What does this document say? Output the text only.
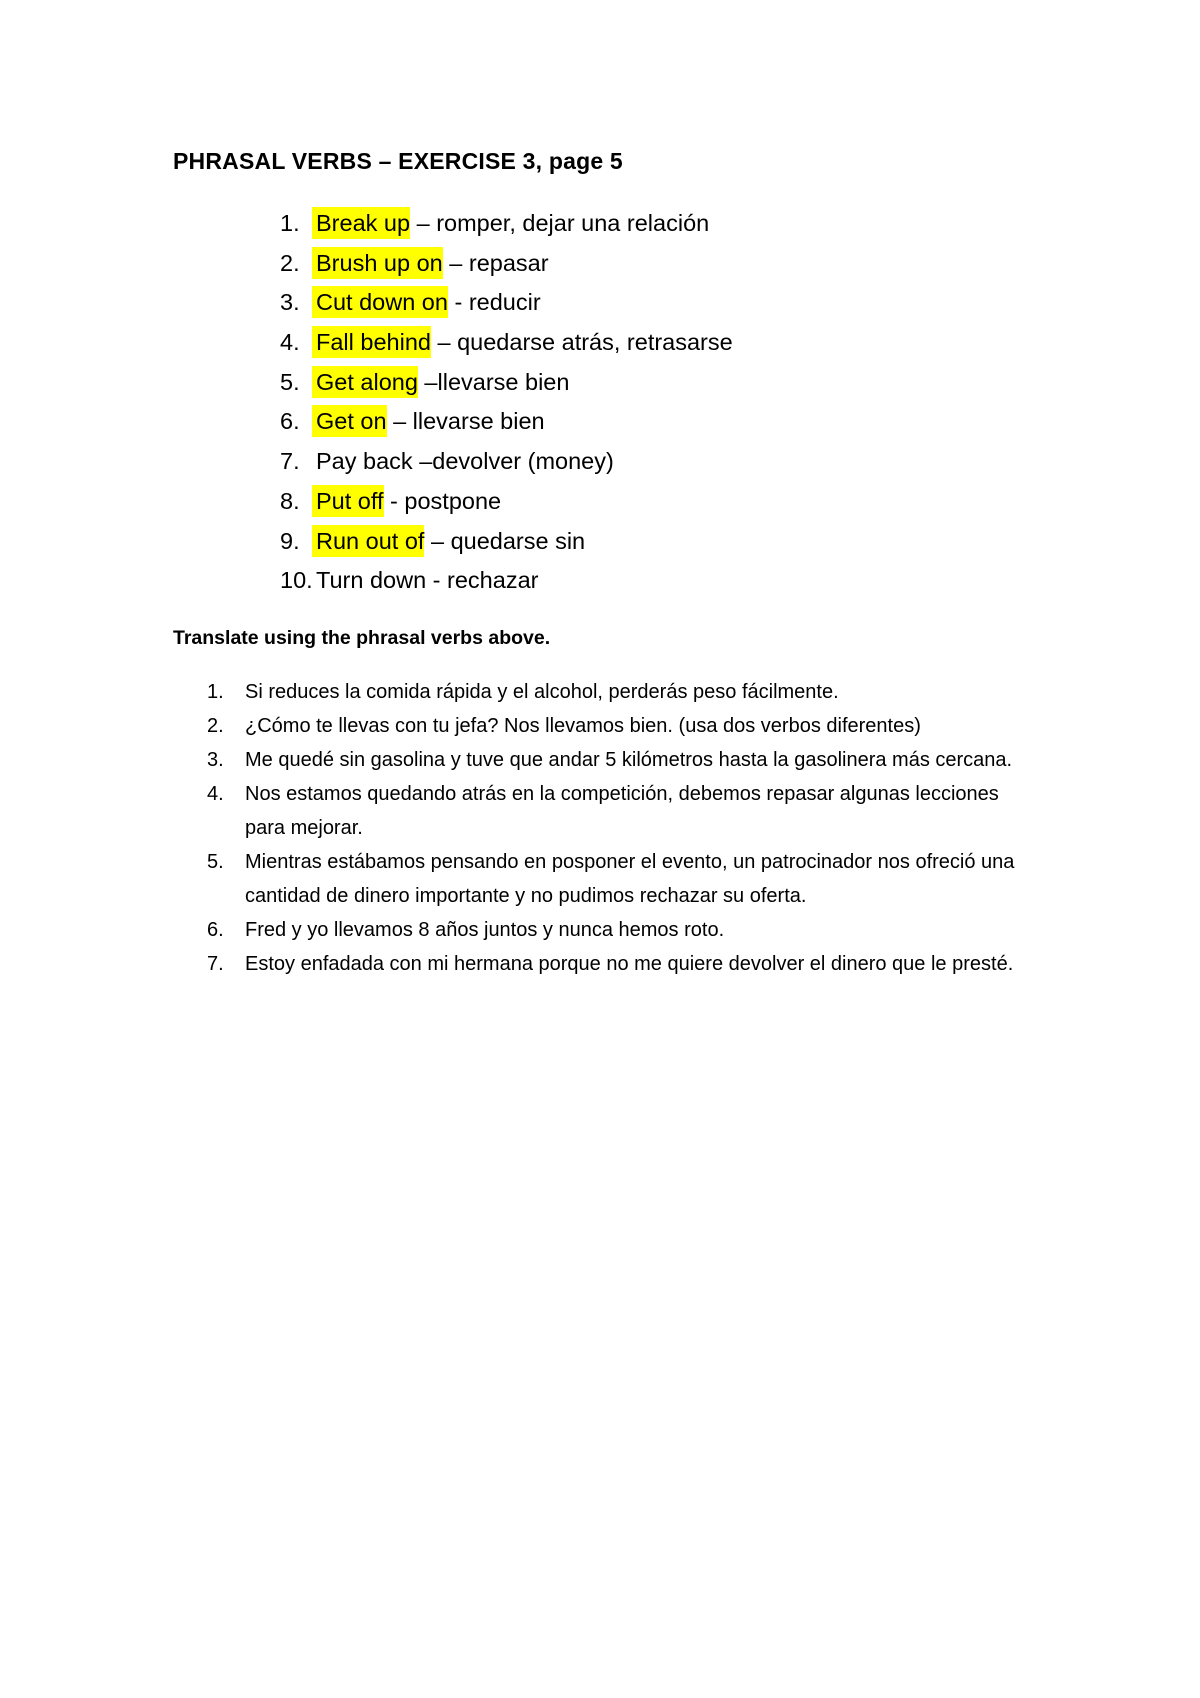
PHRASAL VERBS – EXERCISE 3, page 5
1. Break up – romper, dejar una relación
2. Brush up on – repasar
3. Cut down on - reducir
4. Fall behind – quedarse atrás, retrasarse
5. Get along –llevarse bien
6. Get on – llevarse bien
7. Pay back –devolver (money)
8. Put off - postpone
9. Run out of – quedarse sin
10. Turn down - rechazar

Translate using the phrasal verbs above.

1. Si reduces la comida rápida y el alcohol, perderás peso fácilmente.
2. ¿Cómo te llevas con tu jefa? Nos llevamos bien. (usa dos verbos diferentes)
3. Me quedé sin gasolina y tuve que andar 5 kilómetros hasta la gasolinera más cercana.
4. Nos estamos quedando atrás en la competición, debemos repasar algunas lecciones para mejorar.
5. Mientras estábamos pensando en posponer el evento, un patrocinador nos ofreció una cantidad de dinero importante y no pudimos rechazar su oferta.
6. Fred y yo llevamos 8 años juntos y nunca hemos roto.
7. Estoy enfadada con mi hermana porque no me quiere devolver el dinero que le presté.
